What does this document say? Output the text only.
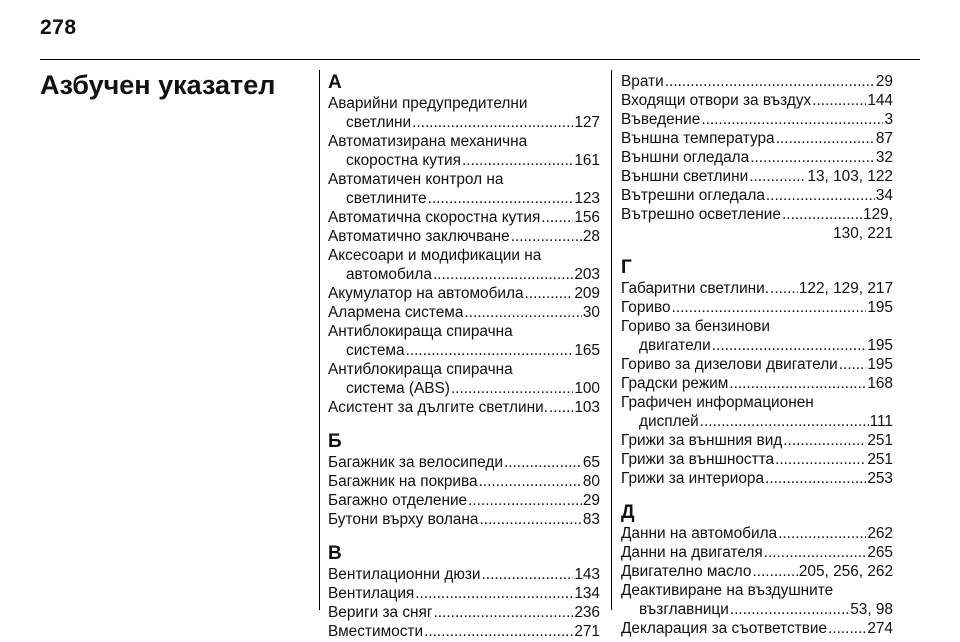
278
Азбучен указател	А
Аварийни предупредителни
светлини .....	127
Автоматизирана механична
скоростна кутия .....	161
Автоматичен контрол на
светлините .....	123
Автоматична скоростна кутия ..... 156
Автоматично заключване .....	28
Аксесоари и модификации на
автомобила .....	203
Акумулатор на автомобила .....	209
Алармена система .....	30
Антиблокираща спирачна
система .....	165
Антиблокираща спирачна
система (ABS) .....	100
Асистент за дългите светлини. ..... 103
Б
Багажник за велосипеди .....	65
Багажник на покрива .....	80
Багажно отделение .....	29
Бутони върху волана .....	83
В
Вентилационни дюзи .....	143
Вентилация .....	134
Вериги за сняг .....	236
Вместимости .....	271
Врати .....	29
Входящи отвори за въздух .....	144
Въведение .....	3
Външна температура .....	87
Външни огледала .....	32
Външни светлини .....	13, 103, 122
Вътрешни огледала .....	34
Вътрешно осветление .....	129,
130, 221
Г
Габаритни светлини. ..... 122, 129, 217
Гориво .....	195
Гориво за бензинови
двигатели .....	195
Гориво за дизелови двигатели ..... 195
Градски режим .....	168
Графичен информационен
дисплей .....	111
Грижи за външния вид .....	251
Грижи за външността .....	251
Грижи за интериора .....	253
Д
Данни на автомобила .....	262
Данни на двигателя .....	265
Двигателно масло .....	205, 256, 262
Деактивиране на въздушните
възглавници .....	53, 98
Декларация за съответствие .....	274
